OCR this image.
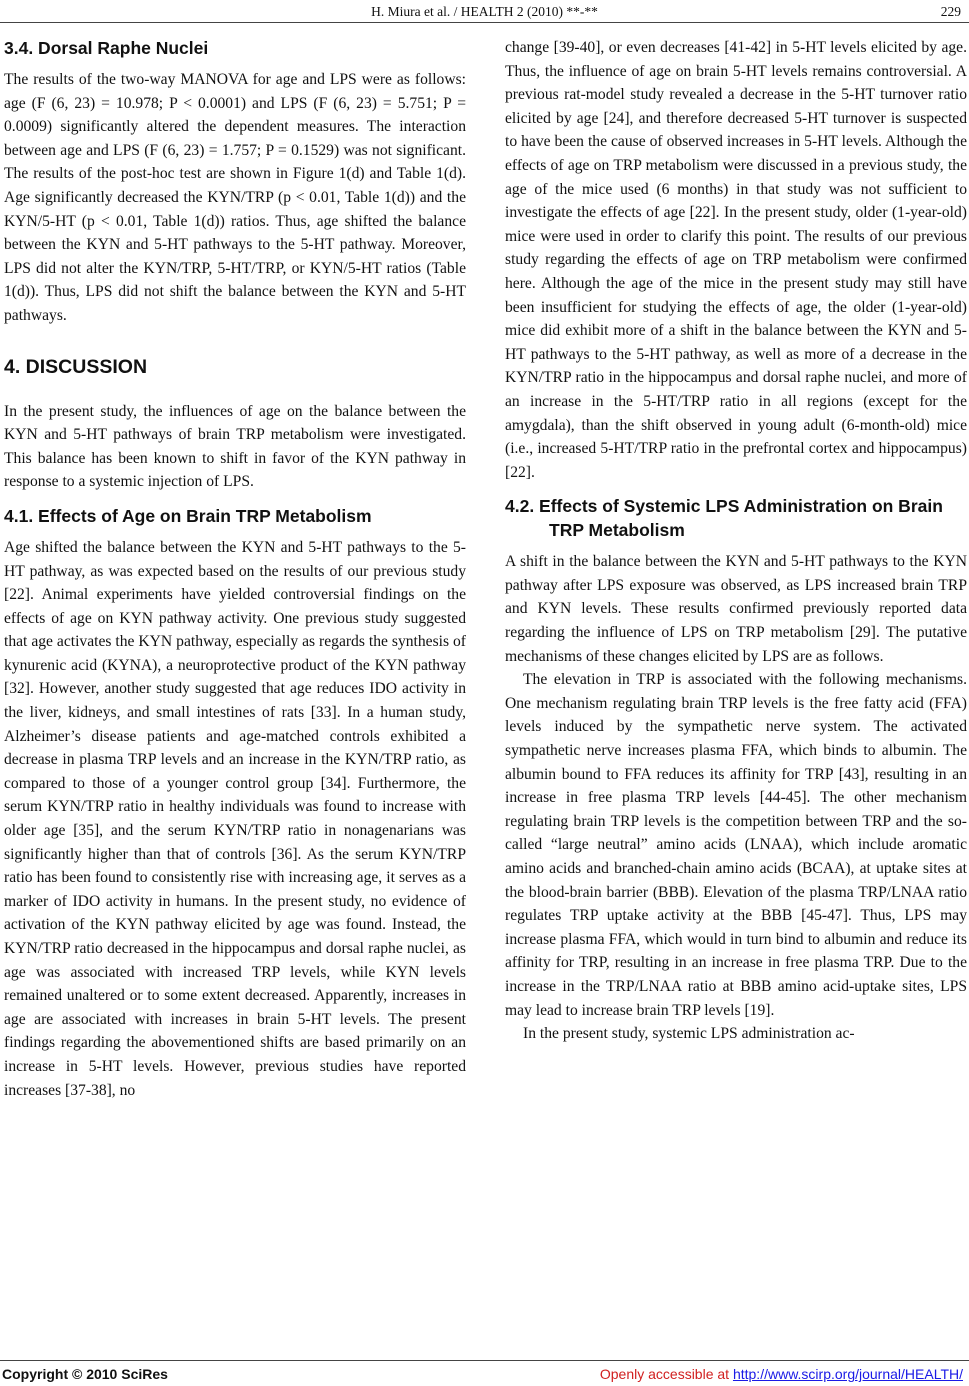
H. Miura et al. / HEALTH 2 (2010) **-**	229
3.4. Dorsal Raphe Nuclei

The results of the two-way MANOVA for age and LPS were as follows: age (F (6, 23) = 10.978; P < 0.0001) and LPS (F (6, 23) = 5.751; P = 0.0009) significantly altered the dependent measures. The interaction between age and LPS (F (6, 23) = 1.757; P = 0.1529) was not significant. The results of the post-hoc test are shown in Figure 1(d) and Table 1(d). Age significantly decreased the KYN/TRP (p < 0.01, Table 1(d)) and the KYN/5-HT (p < 0.01, Table 1(d)) ratios. Thus, age shifted the balance between the KYN and 5-HT pathways to the 5-HT pathway. Moreover, LPS did not alter the KYN/TRP, 5-HT/TRP, or KYN/5-HT ratios (Table 1(d)). Thus, LPS did not shift the balance between the KYN and 5-HT pathways.

4. DISCUSSION

In the present study, the influences of age on the balance between the KYN and 5-HT pathways of brain TRP metabolism were investigated. This balance has been known to shift in favor of the KYN pathway in response to a systemic injection of LPS.

4.1. Effects of Age on Brain TRP Metabolism

Age shifted the balance between the KYN and 5-HT pathways to the 5-HT pathway, as was expected based on the results of our previous study [22]. Animal experiments have yielded controversial findings on the effects of age on KYN pathway activity. One previous study suggested that age activates the KYN pathway, especially as regards the synthesis of kynurenic acid (KYNA), a neuroprotective product of the KYN pathway [32]. However, another study suggested that age reduces IDO activity in the liver, kidneys, and small intestines of rats [33]. In a human study, Alzheimer’s disease patients and age-matched controls exhibited a decrease in plasma TRP levels and an increase in the KYN/TRP ratio, as compared to those of a younger control group [34]. Furthermore, the serum KYN/TRP ratio in healthy individuals was found to increase with older age [35], and the serum KYN/TRP ratio in nonagenarians was significantly higher than that of controls [36]. As the serum KYN/TRP ratio has been found to consistently rise with increasing age, it serves as a marker of IDO activity in humans. In the present study, no evidence of activation of the KYN pathway elicited by age was found. Instead, the KYN/TRP ratio decreased in the hippocampus and dorsal raphe nuclei, as age was associated with increased TRP levels, while KYN levels remained unaltered or to some extent decreased. Apparently, increases in age are associated with increases in brain 5-HT levels. The present findings regarding the abovementioned shifts are based primarily on an increase in 5-HT levels. However, previous studies have reported increases [37-38], no

change [39-40], or even decreases [41-42] in 5-HT levels elicited by age. Thus, the influence of age on brain 5-HT levels remains controversial. A previous rat-model study revealed a decrease in the 5-HT turnover ratio elicited by age [24], and therefore decreased 5-HT turnover is suspected to have been the cause of observed increases in 5-HT levels. Although the effects of age on TRP metabolism were discussed in a previous study, the age of the mice used (6 months) in that study was not sufficient to investigate the effects of age [22]. In the present study, older (1-year-old) mice were used in order to clarify this point. The results of our previous study regarding the effects of age on TRP metabolism were confirmed here. Although the age of the mice in the present study may still have been insufficient for studying the effects of age, the older (1-year-old) mice did exhibit more of a shift in the balance between the KYN and 5-HT pathways to the 5-HT pathway, as well as more of a decrease in the KYN/TRP ratio in the hippocampus and dorsal raphe nuclei, and more of an increase in the 5-HT/TRP ratio in all regions (except for the amygdala), than the shift observed in young adult (6-month-old) mice (i.e., increased 5-HT/TRP ratio in the prefrontal cortex and hippocampus) [22].

4.2. Effects of Systemic LPS Administration on Brain TRP Metabolism

A shift in the balance between the KYN and 5-HT pathways to the KYN pathway after LPS exposure was observed, as LPS increased brain TRP and KYN levels. These results confirmed previously reported data regarding the influence of LPS on TRP metabolism [29]. The putative mechanisms of these changes elicited by LPS are as follows.

The elevation in TRP is associated with the following mechanisms. One mechanism regulating brain TRP levels is the free fatty acid (FFA) levels induced by the sympathetic nerve system. The activated sympathetic nerve increases plasma FFA, which binds to albumin. The albumin bound to FFA reduces its affinity for TRP [43], resulting in an increase in free plasma TRP levels [44-45]. The other mechanism regulating brain TRP levels is the competition between TRP and the so-called “large neutral” amino acids (LNAA), which include aromatic amino acids and branched-chain amino acids (BCAA), at uptake sites at the blood-brain barrier (BBB). Elevation of the plasma TRP/LNAA ratio regulates TRP uptake activity at the BBB [45-47]. Thus, LPS may increase plasma FFA, which would in turn bind to albumin and reduce its affinity for TRP, resulting in an increase in free plasma TRP. Due to the increase in the TRP/LNAA ratio at BBB amino acid-uptake sites, LPS may lead to increase brain TRP levels [19].

In the present study, systemic LPS administration ac-

Copyright © 2010 SciRes	Openly accessible at http://www.scirp.org/journal/HEALTH/
